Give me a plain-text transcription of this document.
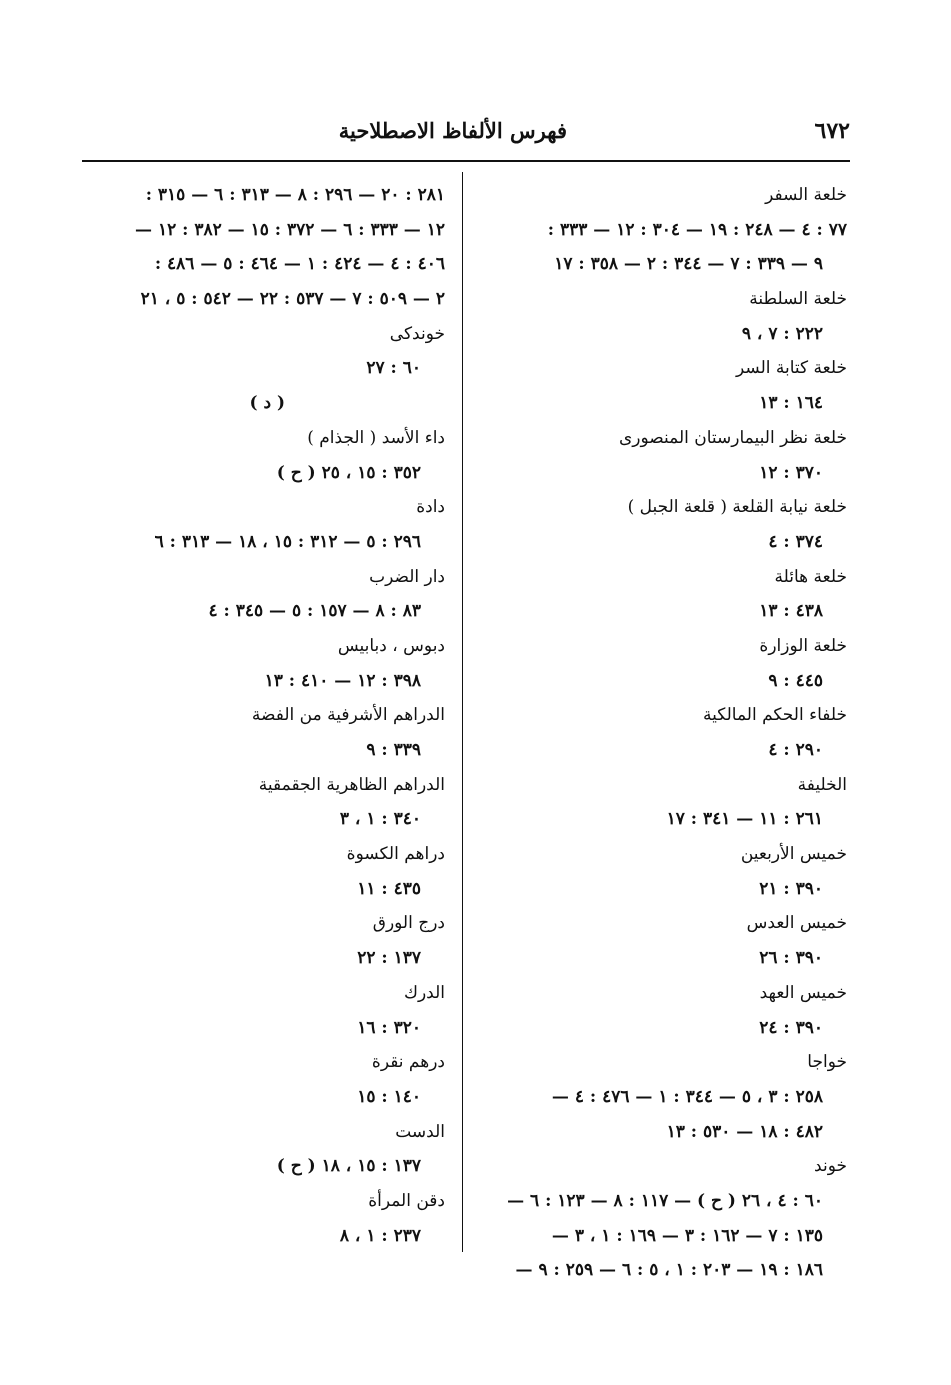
٦٧٢
فهرس الألفاظ الاصطلاحية
خلعة السفر
٧٧ : ٤ — ٢٤٨ : ١٩ — ٣٠٤ : ١٢ — ٣٣٣ :
٩ — ٣٣٩ : ٧ — ٣٤٤ : ٢ — ٣٥٨ : ١٧
خلعة السلطنة
٢٢٢ : ٧ ، ٩
خلعة كتابة السر
١٦٤ : ١٣
خلعة نظر البيمارستان المنصورى
٣٧٠ : ١٢
خلعة نيابة القلعة ( قلعة الجبل )
٣٧٤ : ٤
خلعة هائلة
٤٣٨ : ١٣
خلعة الوزارة
٤٤٥ : ٩
خلفاء الحكم المالكية
٢٩٠ : ٤
الخليفة
٢٦١ : ١١ — ٣٤١ : ١٧
خميس الأربعين
٣٩٠ : ٢١
خميس العدس
٣٩٠ : ٢٦
خميس العهد
٣٩٠ : ٢٤
خواجا
٢٥٨ : ٣ ، ٥ — ٣٤٤ : ١ — ٤٧٦ : ٤ —
٤٨٢ : ١٨ — ٥٣٠ : ١٣
خوند
٦٠ : ٤ ، ٢٦ ( ح ) — ١١٧ : ٨ — ١٢٣ : ٦ —
١٣٥ : ٧ — ١٦٢ : ٣ — ١٦٩ : ١ ، ٣ —
١٨٦ : ١٩ — ٢٠٣ : ١ ، ٥ : ٦ — ٢٥٩ : ٩ —
٢٨١ : ٢٠ — ٢٩٦ : ٨ — ٣١٣ : ٦ — ٣١٥ :
١٢ — ٣٣٣ : ٦ — ٣٧٢ : ١٥ — ٣٨٢ : ١٢ —
٤٠٦ : ٤ — ٤٢٤ : ١ — ٤٦٤ : ٥ — ٤٨٦ :
٢ — ٥٠٩ : ٧ — ٥٣٧ : ٢٢ — ٥٤٢ : ٥ ، ٢١
خوندكى
٦٠ : ٢٧
( د )
داء الأسد ( الجذام )
٣٥٢ : ١٥ ، ٢٥ ( ح )
دادة
٢٩٦ : ٥ — ٣١٢ : ١٥ ، ١٨ — ٣١٣ : ٦
دار الضرب
٨٣ : ٨ — ١٥٧ : ٥ — ٣٤٥ : ٤
دبوس ، دبابيس
٣٩٨ : ١٢ — ٤١٠ : ١٣
الدراهم الأشرفية من الفضة
٣٣٩ : ٩
الدراهم الظاهرية الجقمقية
٣٤٠ : ١ ، ٣
دراهم الكسوة
٤٣٥ : ١١
درج الورق
١٣٧ : ٢٢
الدرك
٣٢٠ : ١٦
درهم نقرة
١٤٠ : ١٥
الدست
١٣٧ : ١٥ ، ١٨ ( ح )
دقن المرأة
٢٣٧ : ١ ، ٨
